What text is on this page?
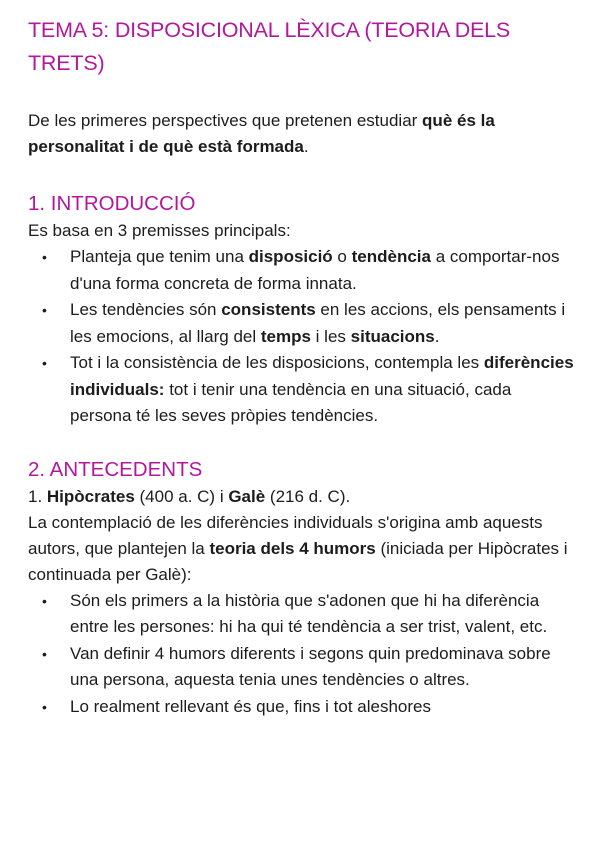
TEMA 5: DISPOSICIONAL LÈXICA (TEORIA DELS TRETS)

De les primeres perspectives que pretenen estudiar què és la personalitat i de què està formada.

1. INTRODUCCIÓ

Es basa en 3 premisses principals:

• Planteja que tenim una disposició o tendència a comportar-nos d'una forma concreta de forma innata.
• Les tendències són consistents en les accions, els pensaments i les emocions, al llarg del temps i les situacions.
• Tot i la consistència de les disposicions, contempla les diferències individuals: tot i tenir una tendència en una situació, cada persona té les seves pròpies tendències.
2. ANTECEDENTS

1. Hipòcrates (400 a. C) i Galè (216 d. C).

La contemplació de les diferències individuals s'origina amb aquests autors, que plantejen la teoria dels 4 humors (iniciada per Hipòcrates i continuada per Galè):

• Són els primers a la història que s'adonen que hi ha diferència entre les persones: hi ha qui té tendència a ser trist, valent, etc.
• Van definir 4 humors diferents i segons quin predominava sobre una persona, aquesta tenia unes tendències o altres.
• Lo realment rellevant és que, fins i tot aleshores
